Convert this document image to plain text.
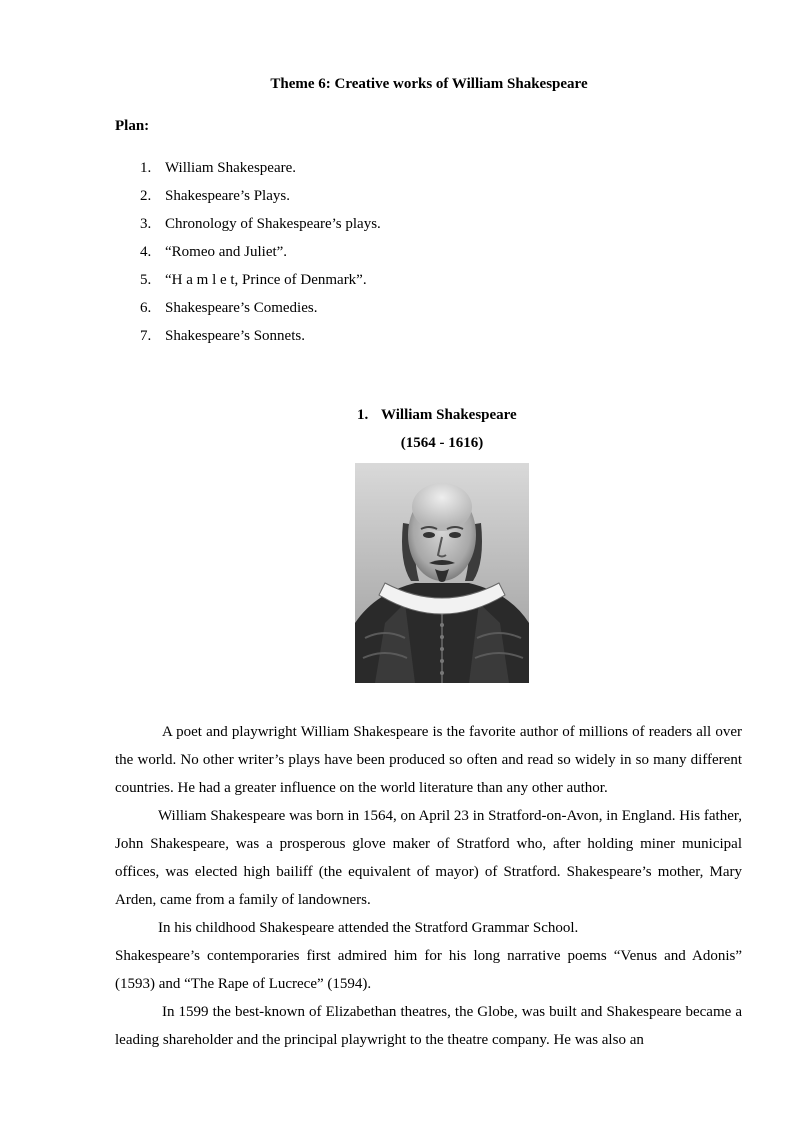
Theme 6: Creative works of William Shakespeare
Plan:
1. William Shakespeare.
2. Shakespeare’s Plays.
3. Chronology of Shakespeare’s plays.
4. “Romeo and Juliet”.
5. “H a m l e t, Prince of Denmark”.
6. Shakespeare’s Comedies.
7. Shakespeare’s Sonnets.
1. William Shakespeare
(1564 - 1616)

A poet and playwright William Shakespeare is the favorite author of millions of readers all over the world. No other writer’s plays have been produced so often and read so widely in so many different countries. He had a greater influence on the world literature than any other author.

William Shakespeare was born in 1564, on April 23 in Stratford-on-Avon, in England. His father, John Shakespeare, was a prosperous glove maker of Stratford who, after holding miner municipal offices, was elected high bailiff (the equivalent of mayor) of Stratford. Shakespeare’s mother, Mary Arden, came from a family of landowners.

In his childhood Shakespeare attended the Stratford Grammar School.

Shakespeare’s contemporaries first admired him for his long narrative poems “Venus and Adonis” (1593) and “The Rape of Lucrece” (1594).

In 1599 the best-known of Elizabethan theatres, the Globe, was built and Shakespeare became a leading shareholder and the principal playwright to the theatre company. He was also an
